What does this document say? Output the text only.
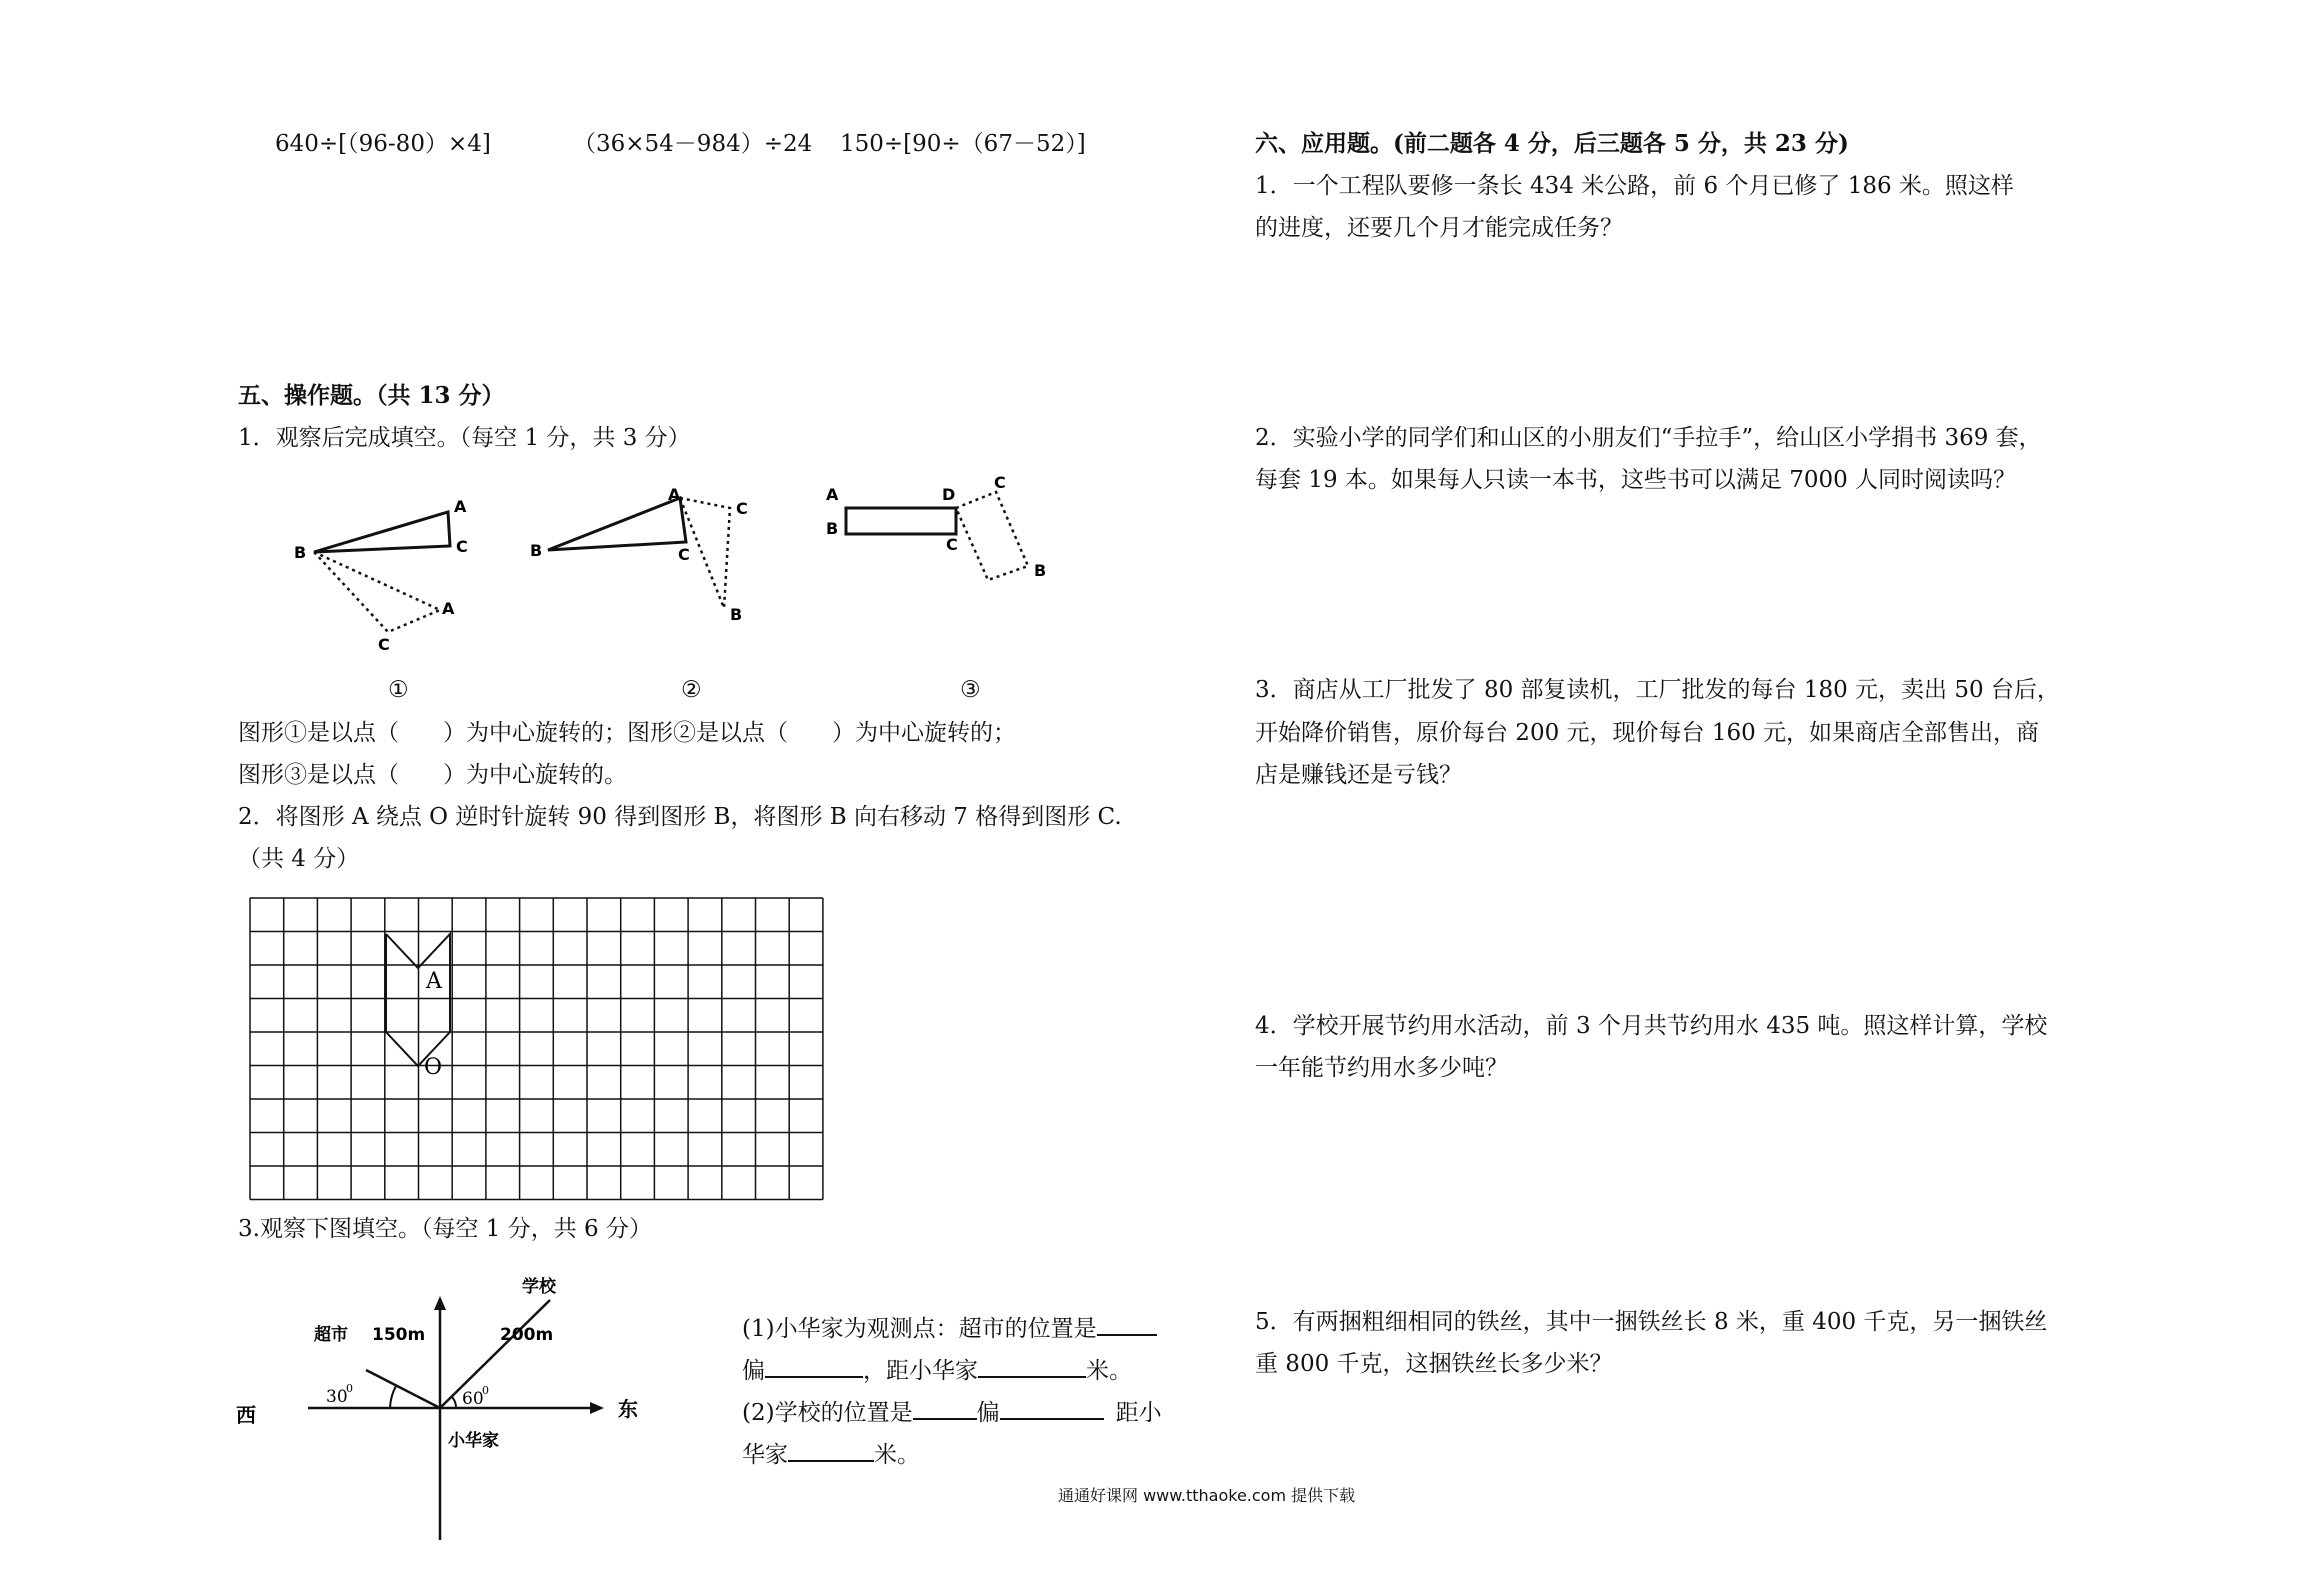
640÷[（96-80）×4]	（36×54－984）÷24 150÷[90÷（67－52）]
五、操作题。（共 13 分）
1．观察后完成填空。（每空 1 分，共 3 分）
B
A
C
A
C
B
A
C
C
B
A
B
D
C
C
B
①	②	③
图形①是以点（ ）为中心旋转的；图形②是以点（ ）为中心旋转的；
图形③是以点（ ）为中心旋转的。
2．将图形 A 绕点 O 逆时针旋转 90 得到图形 B，将图形 B 向右移动 7 格得到图形 C.
（共 4 分）
A
O
3.观察下图填空。（每空 1 分，共 6 分）
学校
超市 150m	200m
西	东
小华家
30
0
60
0
(1)小华家为观测点：超市的位置是
偏	，距小华家	米。
(2)学校的位置是	偏	距小
华家	米。
六、应用题。(前二题各 4 分，后三题各 5 分，共 23 分)
1．一个工程队要修一条长 434 米公路，前 6 个月已修了 186 米。照这样
的进度，还要几个月才能完成任务？
2．实验小学的同学们和山区的小朋友们“手拉手”，给山区小学捐书 369 套，
每套 19 本。如果每人只读一本书，这些书可以满足 7000 人同时阅读吗？
3．商店从工厂批发了 80 部复读机，工厂批发的每台 180 元，卖出 50 台后，
开始降价销售，原价每台 200 元，现价每台 160 元，如果商店全部售出，商
店是赚钱还是亏钱？
4．学校开展节约用水活动，前 3 个月共节约用水 435 吨。照这样计算，学校
一年能节约用水多少吨？
5．有两捆粗细相同的铁丝，其中一捆铁丝长 8 米，重 400 千克，另一捆铁丝
重 800 千克，这捆铁丝长多少米？
通通好课网 www.tthaoke.com 提供下载
